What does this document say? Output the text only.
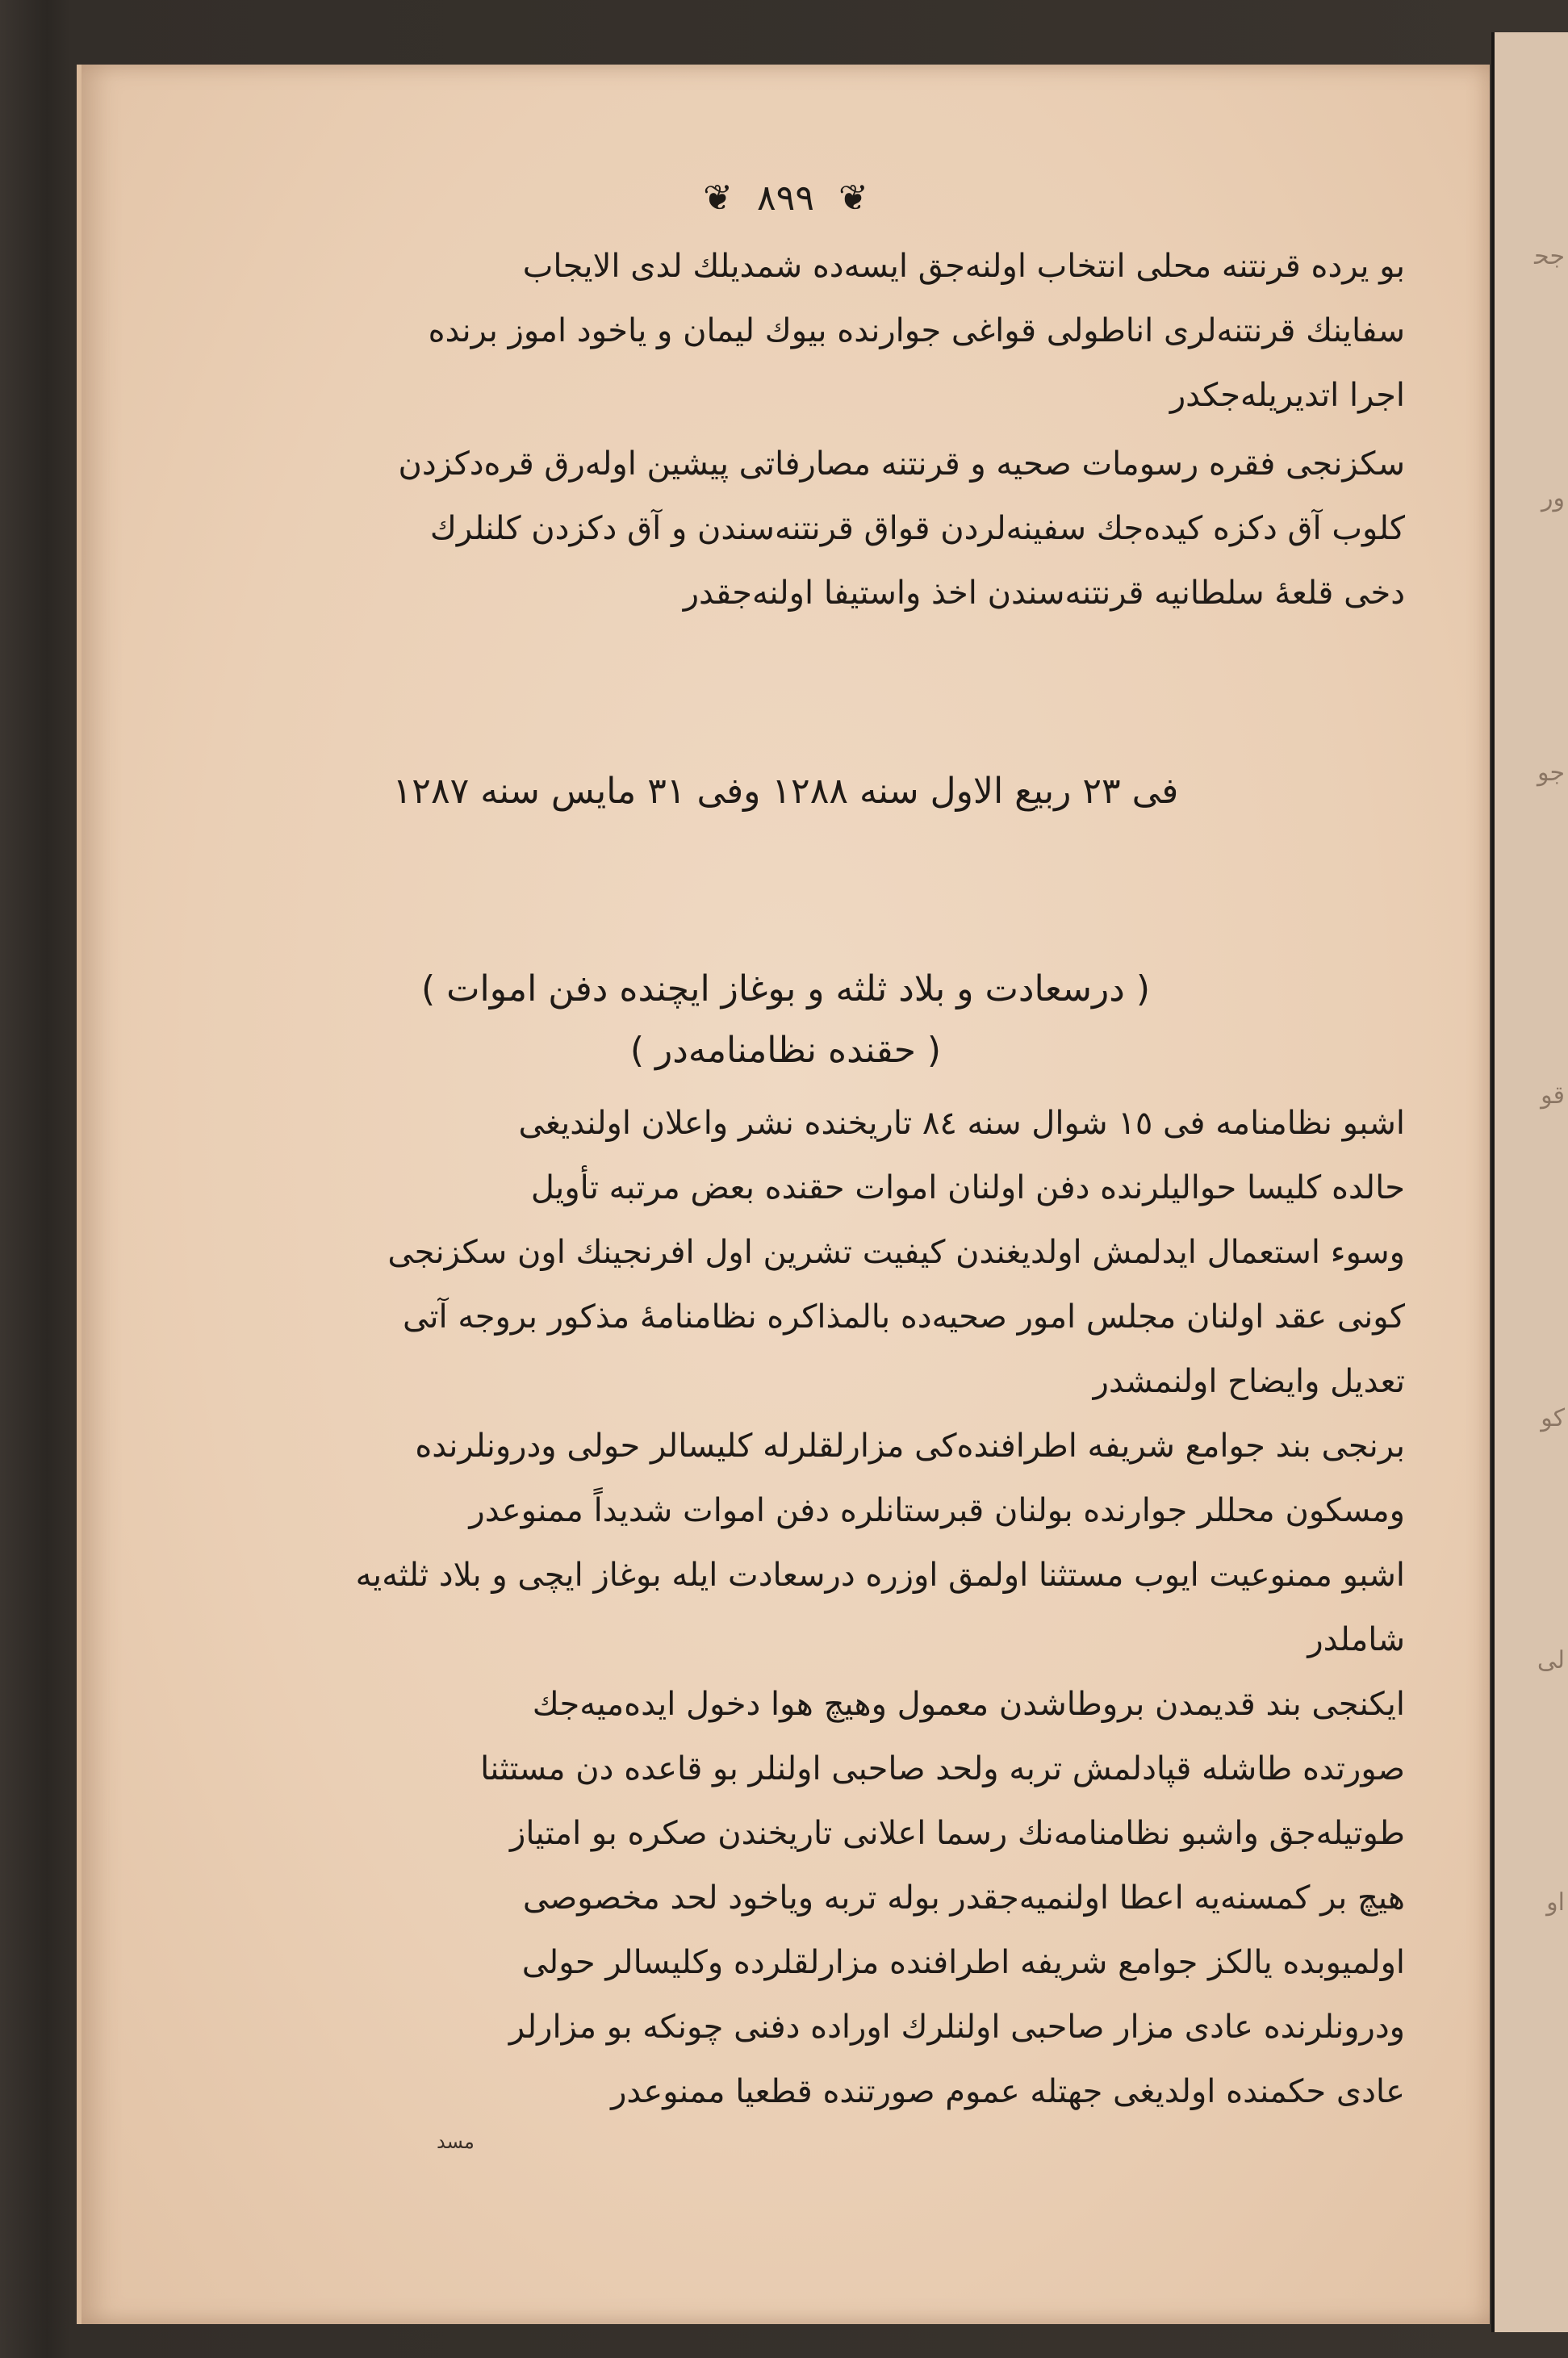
ﺟﺤ
ﻭﺭ
ﺟﻮ
ﻗﻮ
ﮐﻮ
ﻟﻰ
ﺍﻭ
❦ ۸۹۹ ❦
بو یرده قرنتنه محلی انتخاب اولنه‌جق ایسه‌ده شمدیلك لدی الایجاب
سفاینك قرنتنه‌لری اناطولی قواغی جوارنده بیوك لیمان و یاخود اموز برنده
اجرا اتدیریله‌جکدر
سکزنجی فقره رسومات صحیه و قرنتنه مصارفاتی پیشین اوله‌رق قره‌دکزدن
کلوب آق دکزه کیده‌جك سفینه‌لردن قواق قرنتنه‌سندن و آق دکزدن کلنلرك
دخی قلعهٔ سلطانیه قرنتنه‌سندن اخذ واستیفا اولنه‌جقدر
فی ٢٣ ربیع الاول سنه ١٢٨٨ وفی ٣١ مایس سنه ١٢٨٧
( درسعادت و بلاد ثلثه و بوغاز ایچنده دفن اموات )
( حقنده نظامنامه‌در )
اشبو نظامنامه فی ١٥ شوال سنه ٨٤ تاریخنده نشر واعلان اولندیغی
حالده کلیسا حوالیلرنده دفن اولنان اموات حقنده بعض مرتبه تأویل
وسوء استعمال ایدلمش اولدیغندن کیفیت تشرین اول افرنجینك اون سکزنجی
کونی عقد اولنان مجلس امور صحیه‌ده بالمذاکره نظامنامهٔ مذکور بروجه آتی
تعدیل وایضاح اولنمشدر
برنجی بند جوامع شریفه اطرافنده‌کی مزارلقلرله کلیسالر حولی ودرونلرنده
ومسکون محللر جوارنده بولنان قبرستانلره دفن اموات شدیداً ممنوعدر
اشبو ممنوعیت ایوب مستثنا اولمق اوزره درسعادت ایله بوغاز ایچی و بلاد ثلثه‌یه
شاملدر
ایکنجی بند قدیمدن بروطاشدن معمول وهیچ هوا دخول ایده‌میه‌جك
صورتده طاشله قپادلمش تربه ولحد صاحبی اولنلر بو قاعده دن مستثنا
طوتیله‌جق واشبو نظامنامه‌نك رسما اعلانی تاریخندن صکره بو امتیاز
هیچ بر کمسنه‌یه اعطا اولنمیه‌جقدر بوله تربه ویاخود لحد مخصوصی
اولمیوبده یالکز جوامع شریفه اطرافنده مزارلقلرده وکلیسالر حولی
ودرونلرنده عادی مزار صاحبی اولنلرك اوراده دفنی چونکه بو مزارلر
عادی حکمنده اولدیغی جهتله عموم صورتنده قطعیا ممنوعدر
مسد
